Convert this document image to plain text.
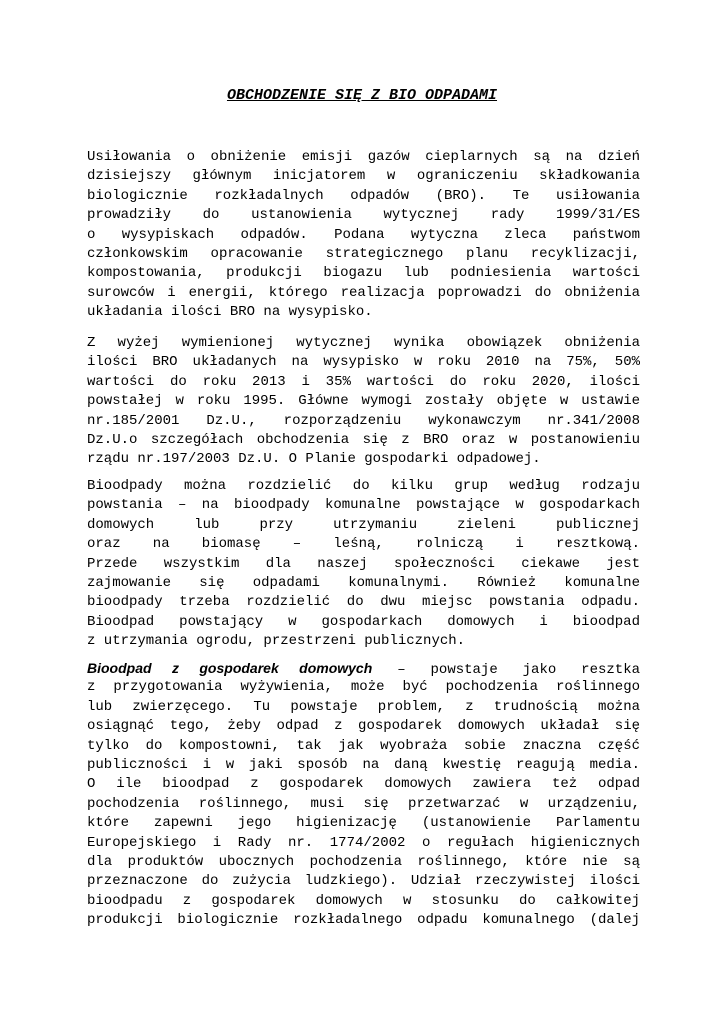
OBCHODZENIE SIĘ Z BIO ODPADAMI
Usiłowania o obniżenie emisji gazów cieplarnych są na dzień
dzisiejszy głównym inicjatorem w ograniczeniu składkowania
biologicznie rozkładalnych odpadów (BRO). Te usiłowania
prowadziły do ustanowienia wytycznej rady 1999/31/ES
o wysypiskach odpadów. Podana wytyczna zleca państwom
członkowskim opracowanie strategicznego planu recyklizacji,
kompostowania, produkcji biogazu lub podniesienia wartości
surowców i energii, którego realizacja poprowadzi do obniżenia
układania ilości BRO na wysypisko.
Z wyżej wymienionej wytycznej wynika obowiązek obniżenia
ilości BRO układanych na wysypisko w roku 2010 na 75%, 50%
wartości do roku 2013 i 35% wartości do roku 2020, ilości
powstałej w roku 1995. Główne wymogi zostały objęte w ustawie
nr.185/2001 Dz.U., rozporządzeniu wykonawczym nr.341/2008
Dz.U.o szczegółach obchodzenia się z BRO oraz w postanowieniu
rządu nr.197/2003 Dz.U. O Planie gospodarki odpadowej.
Bioodpady można rozdzielić do kilku grup według rodzaju
powstania – na bioodpady komunalne powstające w gospodarkach
domowych lub przy utrzymaniu zieleni publicznej
oraz na biomasę – leśną, rolniczą i resztkową.
Przede wszystkim dla naszej społeczności ciekawe jest
zajmowanie się odpadami komunalnymi. Również komunalne
bioodpady trzeba rozdzielić do dwu miejsc powstania odpadu.
Bioodpad powstający w gospodarkach domowych i bioodpad
z utrzymania ogrodu, przestrzeni publicznych.
Bioodpad z gospodarek domowych – powstaje jako resztka
z przygotowania wyżywienia, może być pochodzenia roślinnego
lub zwierzęcego. Tu powstaje problem, z trudnością można
osiągnąć tego, żeby odpad z gospodarek domowych układał się
tylko do kompostowni, tak jak wyobraża sobie znaczna część
publiczności i w jaki sposób na daną kwestię reagują media.
O ile bioodpad z gospodarek domowych zawiera też odpad
pochodzenia roślinnego, musi się przetwarzać w urządzeniu,
które zapewni jego higienizację (ustanowienie Parlamentu
Europejskiego i Rady nr. 1774/2002 o regułach higienicznych
dla produktów ubocznych pochodzenia roślinnego, które nie są
przeznaczone do zużycia ludzkiego). Udział rzeczywistej ilości
bioodpadu z gospodarek domowych w stosunku do całkowitej
produkcji biologicznie rozkładalnego odpadu komunalnego (dalej
